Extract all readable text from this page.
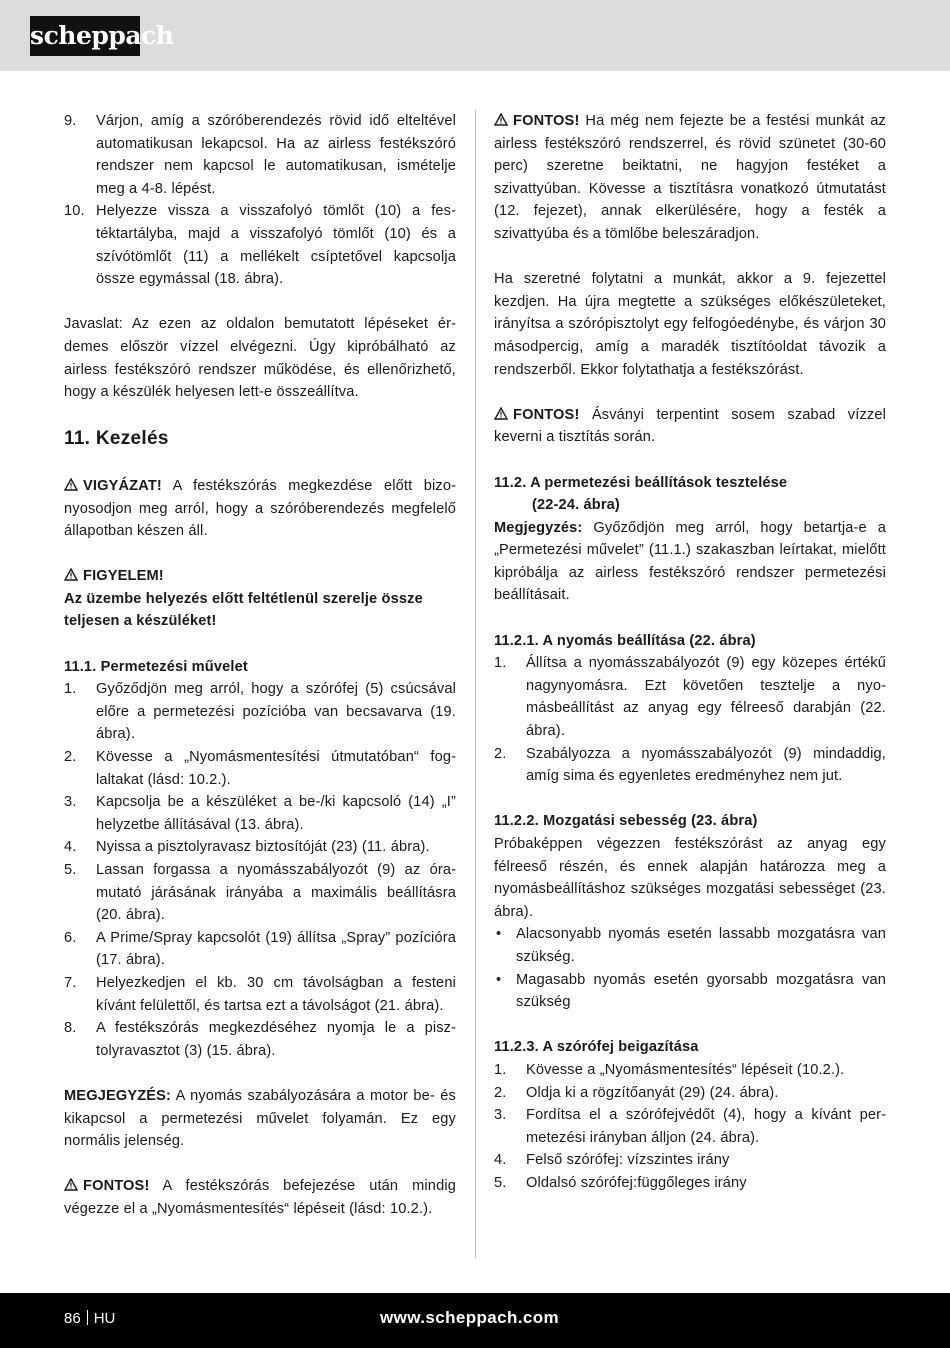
scheppach
9.	Várjon, amíg a szóróberendezés rövid idő elteltével automatikusan lekapcsol. Ha az airless festékszóró rendszer nem kapcsol le automatikusan, ismételje meg a 4-8. lépést.
10. Helyezze vissza a visszafolyó tömlőt (10) a festéktartályba, majd a visszafolyó tömlőt (10) és a szívótömlőt (11) a mellékelt csíptetővel kapcsolja össze egymással (18. ábra).

Javaslat: Az ezen az oldalon bemutatott lépéseket érdemes először vízzel elvégezni. Úgy kipróbálható az airless festékszóró rendszer működése, és ellenőrizhető, hogy a készülék helyesen lett-e összeállítva.

11. Kezelés

VIGYÁZAT! A festékszórás megkezdése előtt bizonyosodjon meg arról, hogy a szóróberendezés megfelelő állapotban készen áll.

FIGYELEM!

Az üzembe helyezés előtt feltétlenül szerelje össze teljesen a készüléket!

11.1. Permetezési művelet

1.	Győződjön meg arról, hogy a szórófej (5) csúcsával előre a permetezési pozícióba van becsavarva (19. ábra).
2.	Kövesse a „Nyomásmentesítési útmutatóban“ foglaltakat (lásd: 10.2.).
3.	Kapcsolja be a készüléket a be-/ki kapcsoló (14) „I” helyzetbe állításával (13. ábra).
4.	Nyissa a pisztolyravasz biztosítóját (23) (11. ábra).
5.	Lassan forgassa a nyomásszabályozót (9) az óramutató járásának irányába a maximális beállításra (20. ábra).
6.	A Prime/Spray kapcsolót (19) állítsa „Spray” pozícióra (17. ábra).
7.	Helyezkedjen el kb. 30 cm távolságban a festeni kívánt felülettől, és tartsa ezt a távolságot (21. ábra).
8.	A festékszórás megkezdéséhez nyomja le a pisztolyravasztot (3) (15. ábra).

MEGJEGYZÉS: A nyomás szabályozására a motor be- és kikapcsol a permetezési művelet folyamán. Ez egy normális jelenség.

FONTOS! A festékszórás befejezése után mindig végezze el a „Nyomásmentesítés“ lépéseit (lásd: 10.2.).

FONTOS! Ha még nem fejezte be a festési munkát az airless festékszóró rendszerrel, és rövid szünetet (30-60 perc) szeretne beiktatni, ne hagyjon festéket a szivattyúban. Kövesse a tisztításra vonatkozó útmutatást (12. fejezet), annak elkerülésére, hogy a festék a szivattyúba és a tömlőbe beleszáradjon.

Ha szeretné folytatni a munkát, akkor a 9. fejezettel kezdjen. Ha újra megtette a szükséges előkészületeket, irányítsa a szórópisztolyt egy felfogóedénybe, és várjon 30 másodpercig, amíg a maradék tisztítóoldat távozik a rendszerből. Ekkor folytathatja a festékszórást.

FONTOS! Ásványi terpentint sosem szabad vízzel keverni a tisztítás során.

11.2. A permetezési beállítások tesztelése

(22-24. ábra)

Megjegyzés: Győződjön meg arról, hogy betartja-e a „Permetezési művelet” (11.1.) szakaszban leírtakat, mielőtt kipróbálja az airless festékszóró rendszer permetezési beállításait.

11.2.1. A nyomás beállítása (22. ábra)

1.	Állítsa a nyomásszabályozót (9) egy közepes értékű nagynyomásra. Ezt követően tesztelje a nyomásbeállítást az anyag egy félreeső darabján (22. ábra).
2.	Szabályozza a nyomásszabályozót (9) mindaddig, amíg sima és egyenletes eredményhez nem jut.

11.2.2. Mozgatási sebesség (23. ábra)

Próbaképpen végezzen festékszórást az anyag egy félreeső részén, és ennek alapján határozza meg a nyomásbeállításhoz szükséges mozgatási sebességet (23. ábra).

•	Alacsonyabb nyomás esetén lassabb mozgatásra van szükség.
•	Magasabb nyomás esetén gyorsabb mozgatásra van szükség

11.2.3. A szórófej beigazítása

1.	Kövesse a „Nyomásmentesítés“ lépéseit (10.2.).
2.	Oldja ki a rögzítőanyát (29) (24. ábra).
3.	Fordítsa el a szórófejvédőt (4), hogy a kívánt permetezési irányban álljon (24. ábra).
4.	Felső szórófej: vízszintes irány
5.	Oldalsó szórófej:függőleges irány
86 HU	www.scheppach.com
